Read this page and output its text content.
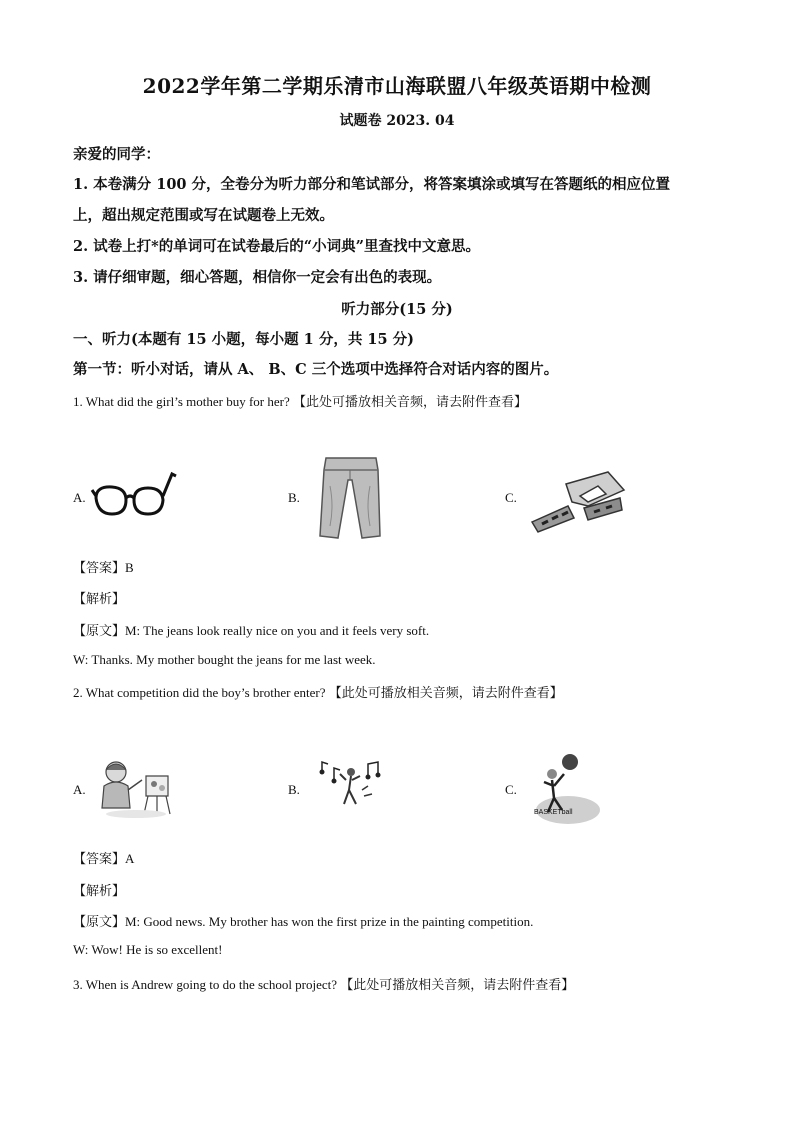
2022学年第二学期乐清市山海联盟八年级英语期中检测
试题卷 2023. 04
亲爱的同学：
1. 本卷满分 100 分，全卷分为听力部分和笔试部分，将答案填涂或填写在答题纸的相应位置
上，超出规定范围或写在试题卷上无效。
2. 试卷上打*的单词可在试卷最后的“小词典”里查找中文意思。
3. 请仔细审题，细心答题，相信你一定会有出色的表现。
听力部分(15 分)
一、听力(本题有 15 小题，每小题 1 分，共 15 分)
第一节：听小对话，请从 A、 B、C 三个选项中选择符合对话内容的图片。
1. What did the girl’s mother buy for her? 【此处可播放相关音频，请去附件查看】
A.	B.	C.
【答案】B
【解析】
【原文】M: The jeans look really nice on you and it feels very soft.
W: Thanks. My mother bought the jeans for me last week.
2. What competition did the boy’s brother enter? 【此处可播放相关音频，请去附件查看】
A.	B.	C.
BASKETball
【答案】A
【解析】
【原文】M: Good news. My brother has won the first prize in the painting competition.
W: Wow! He is so excellent!
3. When is Andrew going to do the school project? 【此处可播放相关音频，请去附件查看】
